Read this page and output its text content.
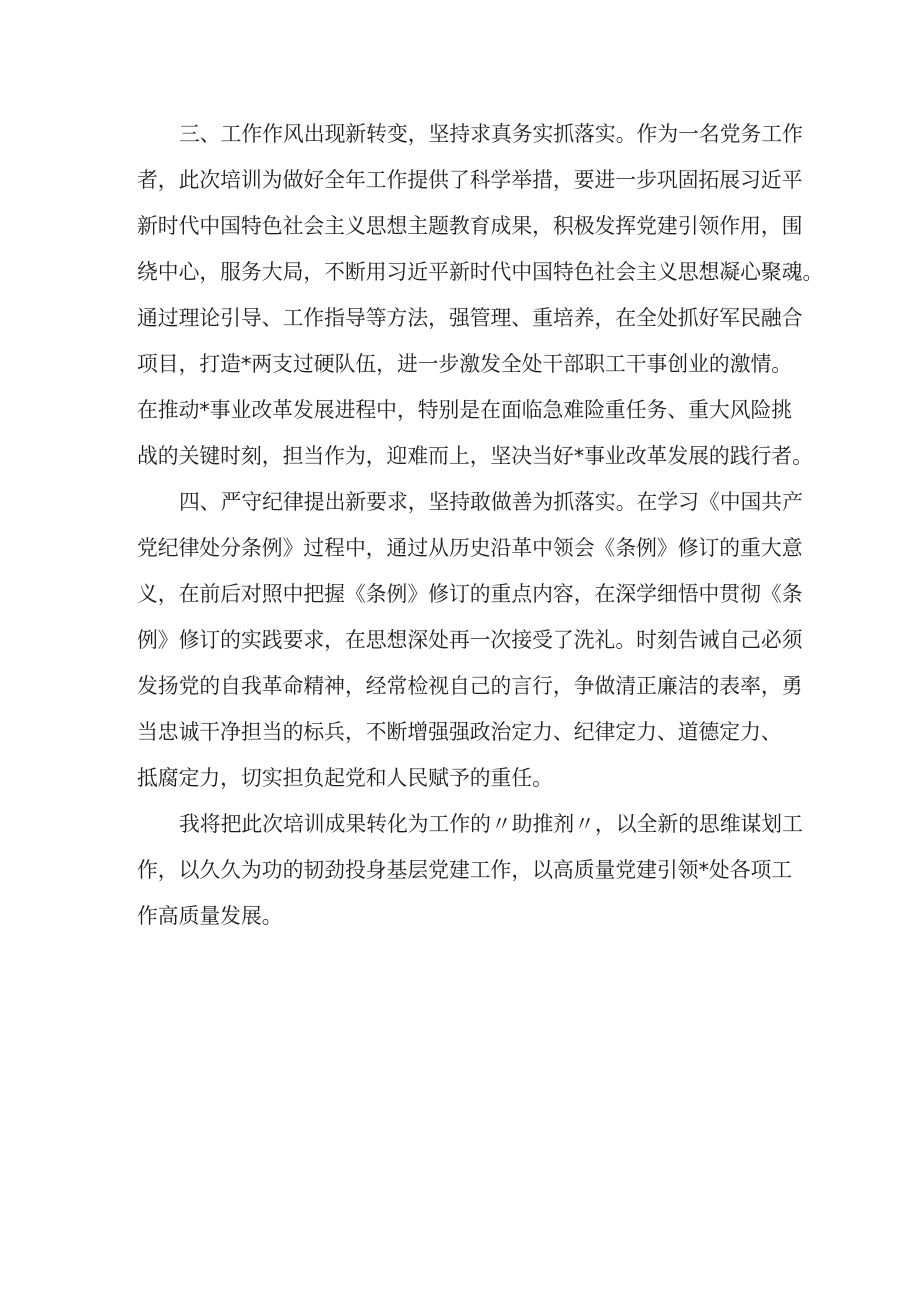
三、工作作风出现新转变，坚持求真务实抓落实。作为一名党务工作

者，此次培训为做好全年工作提供了科学举措，要进一步巩固拓展习近平

新时代中国特色社会主义思想主题教育成果，积极发挥党建引领作用，围

绕中心，服务大局，不断用习近平新时代中国特色社会主义思想凝心聚魂。

通过理论引导、工作指导等方法，强管理、重培养，在全处抓好军民融合

项目，打造*两支过硬队伍，进一步激发全处干部职工干事创业的激情。

在推动*事业改革发展进程中，特别是在面临急难险重任务、重大风险挑

战的关键时刻，担当作为，迎难而上，坚决当好*事业改革发展的践行者。

四、严守纪律提出新要求，坚持敢做善为抓落实。在学习《中国共产

党纪律处分条例》过程中，通过从历史沿革中领会《条例》修订的重大意

义，在前后对照中把握《条例》修订的重点内容，在深学细悟中贯彻《条

例》修订的实践要求，在思想深处再一次接受了洗礼。时刻告诫自己必须

发扬党的自我革命精神，经常检视自己的言行，争做清正廉洁的表率，勇

当忠诚干净担当的标兵，不断增强强政治定力、纪律定力、道德定力、

抵腐定力，切实担负起党和人民赋予的重任。

我将把此次培训成果转化为工作的〃助推剂〃，以全新的思维谋划工

作，以久久为功的韧劲投身基层党建工作，以高质量党建引领*处各项工

作高质量发展。
